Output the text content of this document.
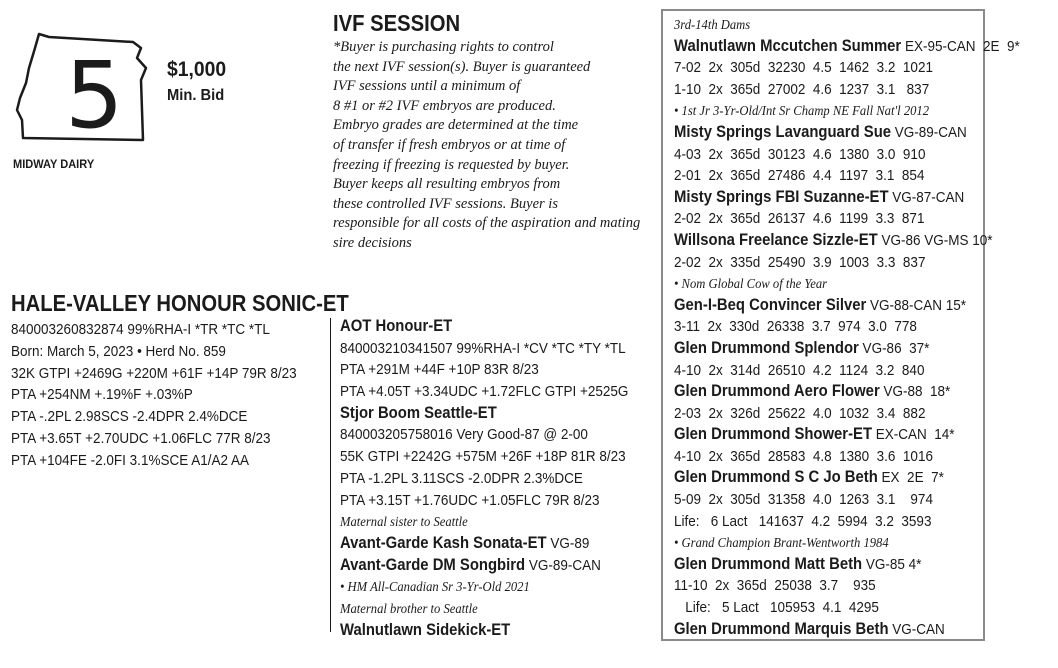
5 $1,000
Min. Bid
MIDWAY DAIRY
IVF SESSION
*Buyer is purchasing rights to control
the next IVF session(s). Buyer is guaranteed
IVF sessions until a minimum of
8 #1 or #2 IVF embryos are produced.
Embryo grades are determined at the time
of transfer if fresh embryos or at time of
freezing if freezing is requested by buyer.
Buyer keeps all resulting embryos from
these controlled IVF sessions. Buyer is
responsible for all costs of the aspiration and mating
sire decisions
HALE-VALLEY HONOUR SONIC-ET
840003260832874 99%RHA-I *TR *TC *TL
Born: March 5, 2023 • Herd No. 859
32K GTPI +2469G +220M +61F +14P 79R 8/23
PTA +254NM +.19%F +.03%P
PTA -.2PL 2.98SCS -2.4DPR 2.4%DCE
PTA +3.65T +2.70UDC +1.06FLC 77R 8/23
PTA +104FE -2.0FI 3.1%SCE A1/A2 AA
AOT Honour-ET
840003210341507 99%RHA-I *CV *TC *TY *TL
PTA +291M +44F +10P 83R 8/23
PTA +4.05T +3.34UDC +1.72FLC GTPI +2525G
Stjor Boom Seattle-ET
840003205758016 Very Good-87 @ 2-00
55K GTPI +2242G +575M +26F +18P 81R 8/23
PTA -1.2PL 3.11SCS -2.0DPR 2.3%DCE
PTA +3.15T +1.76UDC +1.05FLC 79R 8/23
Maternal sister to Seattle
Avant-Garde Kash Sonata-ET VG-89
Avant-Garde DM Songbird VG-89-CAN
• HM All-Canadian Sr 3-Yr-Old 2021
Maternal brother to Seattle
Walnutlawn Sidekick-ET
3rd-14th Dams
Walnutlawn Mccutchen Summer EX-95-CAN  2E  9*
7-02  2x  305d  32230  4.5  1462  3.2  1021
1-10  2x  365d  27002  4.6  1237  3.1   837
• 1st Jr 3-Yr-Old/Int Sr Champ NE Fall Nat'l 2012
Misty Springs Lavanguard Sue VG-89-CAN
4-03  2x  365d  30123  4.6  1380  3.0  910
2-01  2x  365d  27486  4.4  1197  3.1  854
Misty Springs FBI Suzanne-ET VG-87-CAN
2-02  2x  365d  26137  4.6  1199  3.3  871
Willsona Freelance Sizzle-ET VG-86 VG-MS 10*
2-02  2x  335d  25490  3.9  1003  3.3  837
• Nom Global Cow of the Year
Gen-I-Beq Convincer Silver VG-88-CAN 15*
3-11  2x  330d  26338  3.7  974  3.0  778
Glen Drummond Splendor VG-86  37*
4-10  2x  314d  26510  4.2  1124  3.2  840
Glen Drummond Aero Flower VG-88  18*
2-03  2x  326d  25622  4.0  1032  3.4  882
Glen Drummond Shower-ET EX-CAN  14*
4-10  2x  365d  28583  4.8  1380  3.6  1016
Glen Drummond S C Jo Beth EX  2E  7*
5-09  2x  305d  31358  4.0  1263  3.1    974
Life:   6 Lact   141637  4.2  5994  3.2  3593
• Grand Champion Brant-Wentworth 1984
Glen Drummond Matt Beth VG-85 4*
11-10  2x  365d  25038  3.7    935
Life:   5 Lact   105953  4.1  4295
Glen Drummond Marquis Beth VG-CAN
